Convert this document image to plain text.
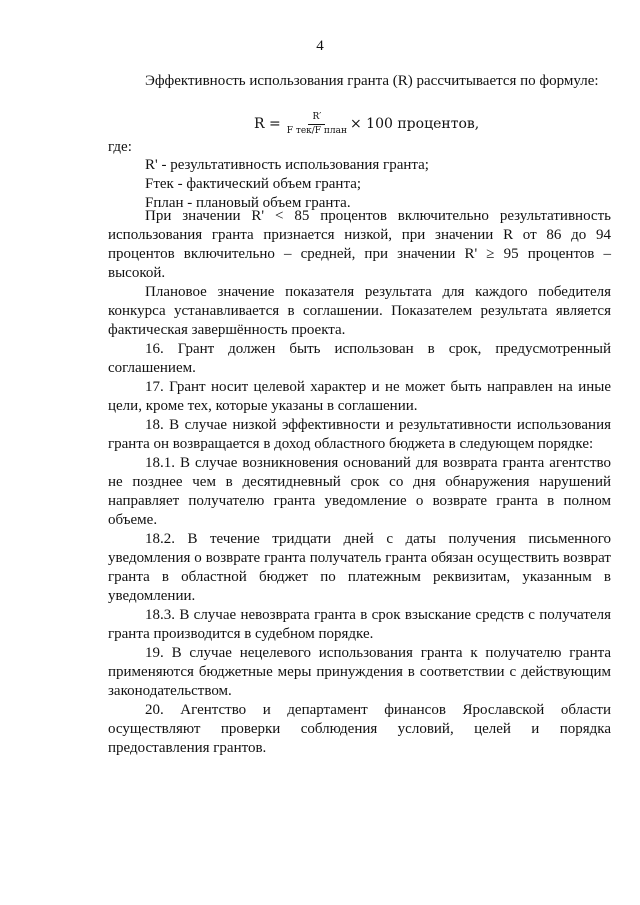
4
Эффективность использования гранта (R) рассчитывается по формуле:
$R = \frac{R'}{\text{F тек/F план}} \times 100$ процентов,
где:
R' - результативность использования гранта;
Fтек - фактический объем гранта;
Fплан - плановый объем гранта.

При значении R' < 85 процентов включительно результативность использования гранта признается низкой, при значении R от 86 до 94 процентов включительно – средней, при значении R' ≥ 95 процентов – высокой.

Плановое значение показателя результата для каждого победителя конкурса устанавливается в соглашении. Показателем результата является фактическая завершённость проекта.

16. Грант должен быть использован в срок, предусмотренный соглашением.

17. Грант носит целевой характер и не может быть направлен на иные цели, кроме тех, которые указаны в соглашении.

18. В случае низкой эффективности и результативности использования гранта он возвращается в доход областного бюджета в следующем порядке:

18.1. В случае возникновения оснований для возврата гранта агентство не позднее чем в десятидневный срок со дня обнаружения нарушений направляет получателю гранта уведомление о возврате гранта в полном объеме.

18.2. В течение тридцати дней с даты получения письменного уведомления о возврате гранта получатель гранта обязан осуществить возврат гранта в областной бюджет по платежным реквизитам, указанным в уведомлении.

18.3. В случае невозврата гранта в срок взыскание средств с получателя гранта производится в судебном порядке.

19. В случае нецелевого использования гранта к получателю гранта применяются бюджетные меры принуждения в соответствии с действующим законодательством.

20. Агентство и департамент финансов Ярославской области осуществляют проверки соблюдения условий, целей и порядка предоставления грантов.
